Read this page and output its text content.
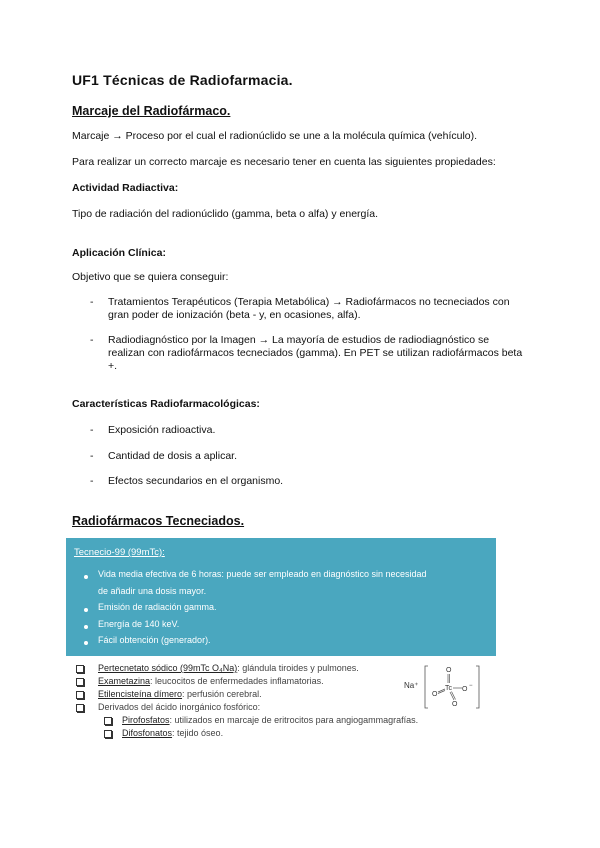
UF1 Técnicas de Radiofarmacia.
Marcaje del Radiofármaco.
Marcaje → Proceso por el cual el radionúclido se une a la molécula química (vehículo).
Para realizar un correcto marcaje es necesario tener en cuenta las siguientes propiedades:
Actividad Radiactiva:
Tipo de radiación del radionúclido (gamma, beta o alfa) y energía.
Aplicación Clínica:
Objetivo que se quiera conseguir:
- Tratamientos Terapéuticos (Terapia Metabólica) → Radiofármacos no tecneciados con gran poder de ionización (beta - y, en ocasiones, alfa).
- Radiodiagnóstico por la Imagen → La mayoría de estudios de radiodiagnóstico se realizan con radiofármacos tecneciados (gamma). En PET se utilizan radiofármacos beta +.
Características Radiofarmacológicas:
- Exposición radioactiva.
- Cantidad de dosis a aplicar.
- Efectos secundarios en el organismo.
Radiofármacos Tecneciados.
Tecnecio-99 (99mTc):
Vida media efectiva de 6 horas: puede ser empleado en diagnóstico sin necesidad
de añadir una dosis mayor.
Emisión de radiación gamma.
Energía de 140 keV.
Fácil obtención (generador).
Pertecnetato sódico (99mTc O₄Na): glándula tiroides y pulmones.
Exametazina: leucocitos de enfermedades inflamatorias.
Etilencisteína dímero: perfusión cerebral.
Derivados del ácido inorgánico fosfórico:
Pirofosfatos: utilizados en marcaje de eritrocitos para angiogammagrafías.
Difosfonatos: tejido óseo.
Na⁺	Tc
O
O
O −
O
